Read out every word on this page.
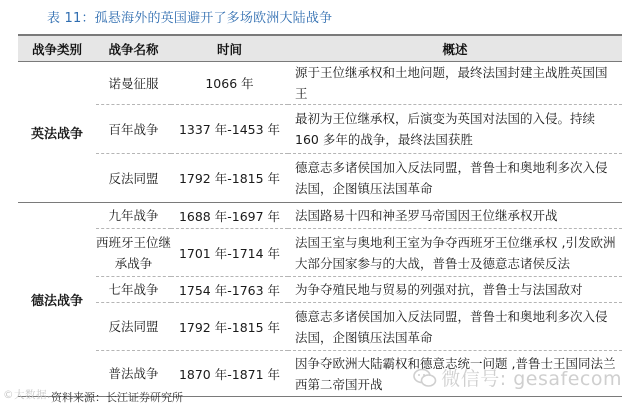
表 11：孤悬海外的英国避开了多场欧洲大陆战争
战争类别	战争名称	时间	概述
英法战争	诺曼征服	1066 年	源于王位继承权和土地问题，最终法国封建主战胜英国国王
	百年战争	1337 年-1453 年	最初为王位继承权，后演变为英国对法国的入侵。持续 160 多年的战争，最终法国获胜
	反法同盟	1792 年-1815 年	德意志多诸侯国加入反法同盟，普鲁士和奥地利多次入侵法国，企图镇压法国革命
德法战争	九年战争	1688 年-1697 年	法国路易十四和神圣罗马帝国因王位继承权开战
	西班牙王位继承战争	1701 年-1714 年	法国王室与奥地利王室为争夺西班牙王位继承权 ,引发欧洲大部分国家参与的大战，普鲁士及德意志诸侯反法
	七年战争	1754 年-1763 年	为争夺殖民地与贸易的列强对抗，普鲁士与法国敌对
	反法同盟	1792 年-1815 年	德意志多诸侯国加入反法同盟，普鲁士和奥地利多次入侵法国，企图镇压法国革命
	普法战争	1870 年-1871 年	因争夺欧洲大陆霸权和德意志统一问题 ,普鲁士王国同法兰西第二帝国开战	微信号: gesafecom
©大数据...
资料来源：长江证券研究所
